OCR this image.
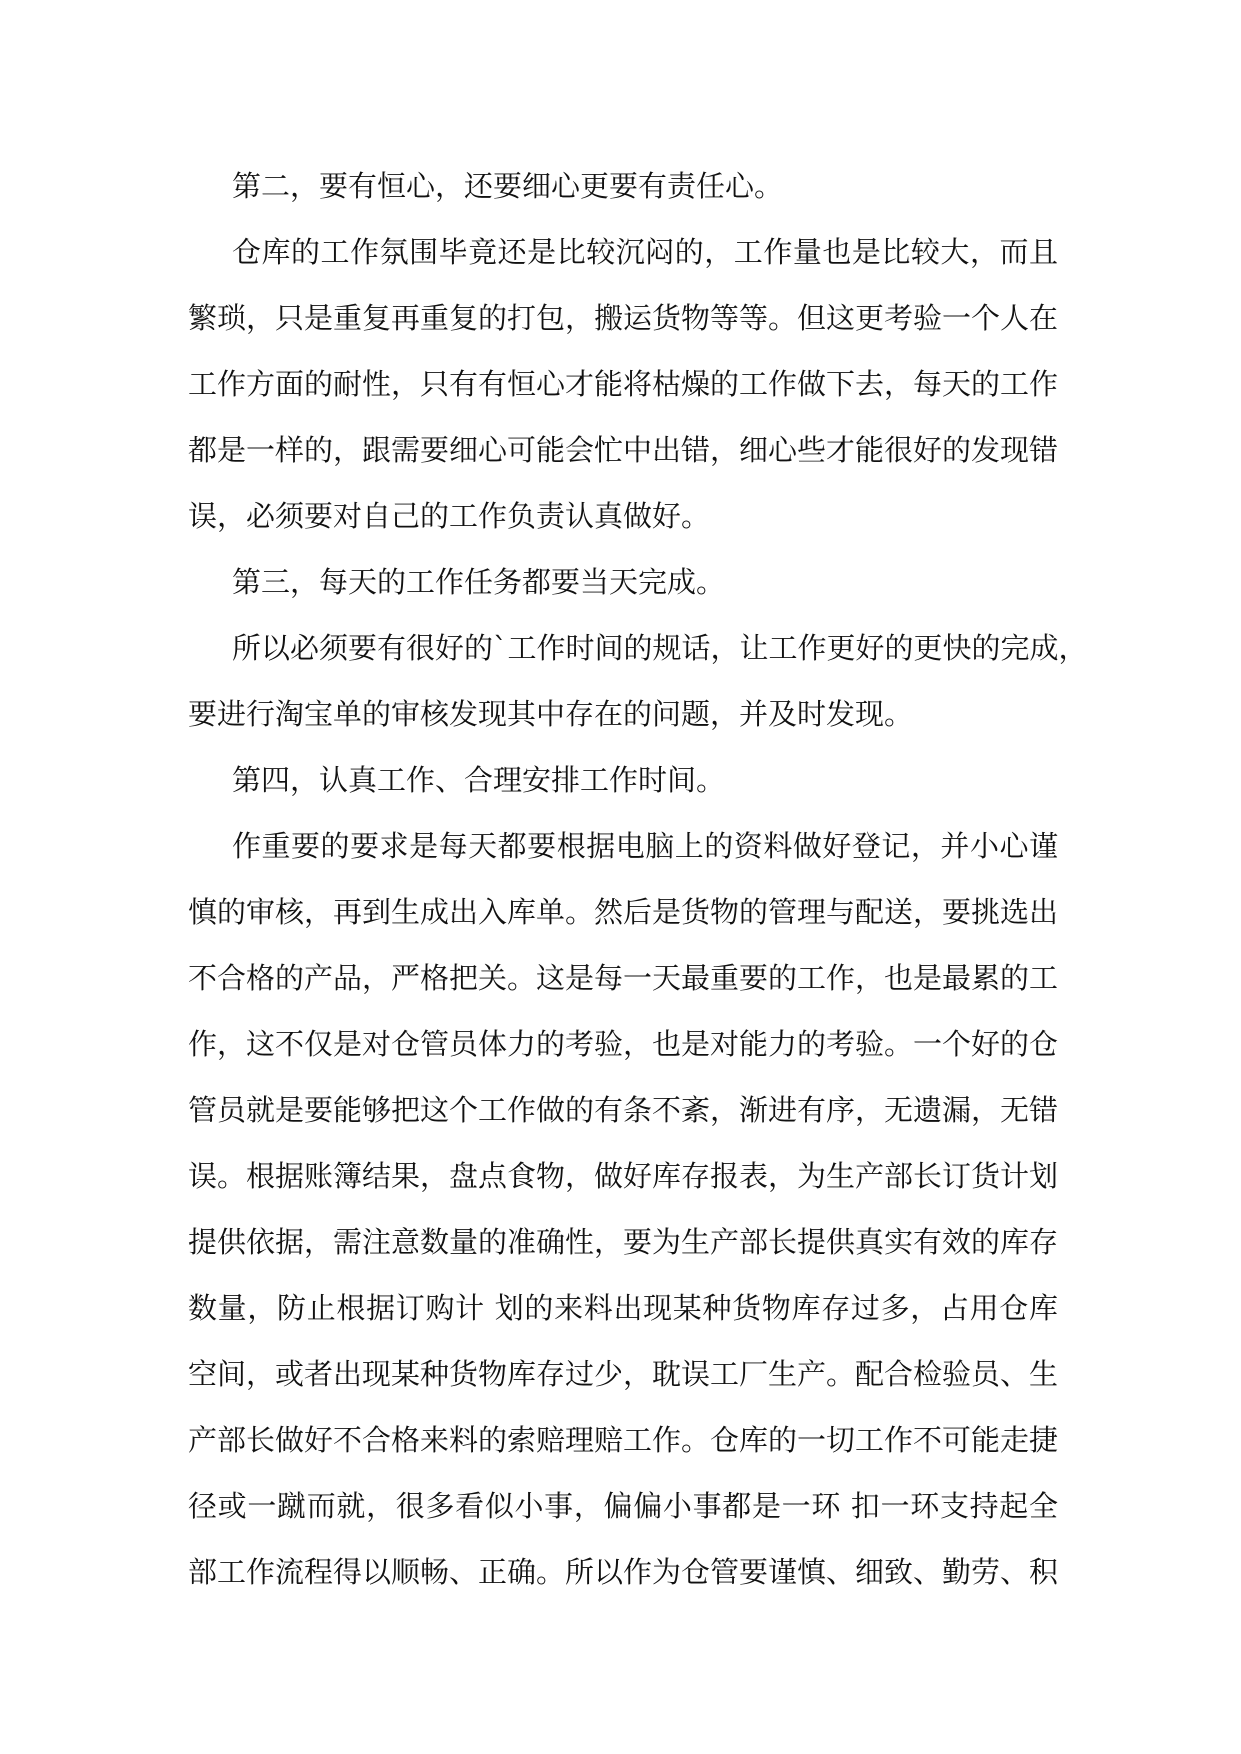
第二，要有恒心，还要细心更要有责任心。
仓库的工作氛围毕竟还是比较沉闷的，工作量也是比较大，而且
繁琐，只是重复再重复的打包，搬运货物等等。但这更考验一个人在
工作方面的耐性，只有有恒心才能将枯燥的工作做下去，每天的工作
都是一样的，跟需要细心可能会忙中出错，细心些才能很好的发现错
误，必须要对自己的工作负责认真做好。
第三，每天的工作任务都要当天完成。
所以必须要有很好的`工作时间的规话，让工作更好的更快的完成，
要进行淘宝单的审核发现其中存在的问题，并及时发现。
第四，认真工作、合理安排工作时间。
作重要的要求是每天都要根据电脑上的资料做好登记，并小心谨
慎的审核，再到生成出入库单。然后是货物的管理与配送，要挑选出
不合格的产品，严格把关。这是每一天最重要的工作，也是最累的工
作，这不仅是对仓管员体力的考验，也是对能力的考验。一个好的仓
管员就是要能够把这个工作做的有条不紊，渐进有序，无遗漏，无错
误。根据账簿结果，盘点食物，做好库存报表，为生产部长订货计划
提供依据，需注意数量的准确性，要为生产部长提供真实有效的库存
数量，防止根据订购计 划的来料出现某种货物库存过多，占用仓库
空间，或者出现某种货物库存过少，耽误工厂生产。配合检验员、生
产部长做好不合格来料的索赔理赔工作。仓库的一切工作不可能走捷
径或一蹴而就，很多看似小事，偏偏小事都是一环 扣一环支持起全
部工作流程得以顺畅、正确。所以作为仓管要谨慎、细致、勤劳、积
